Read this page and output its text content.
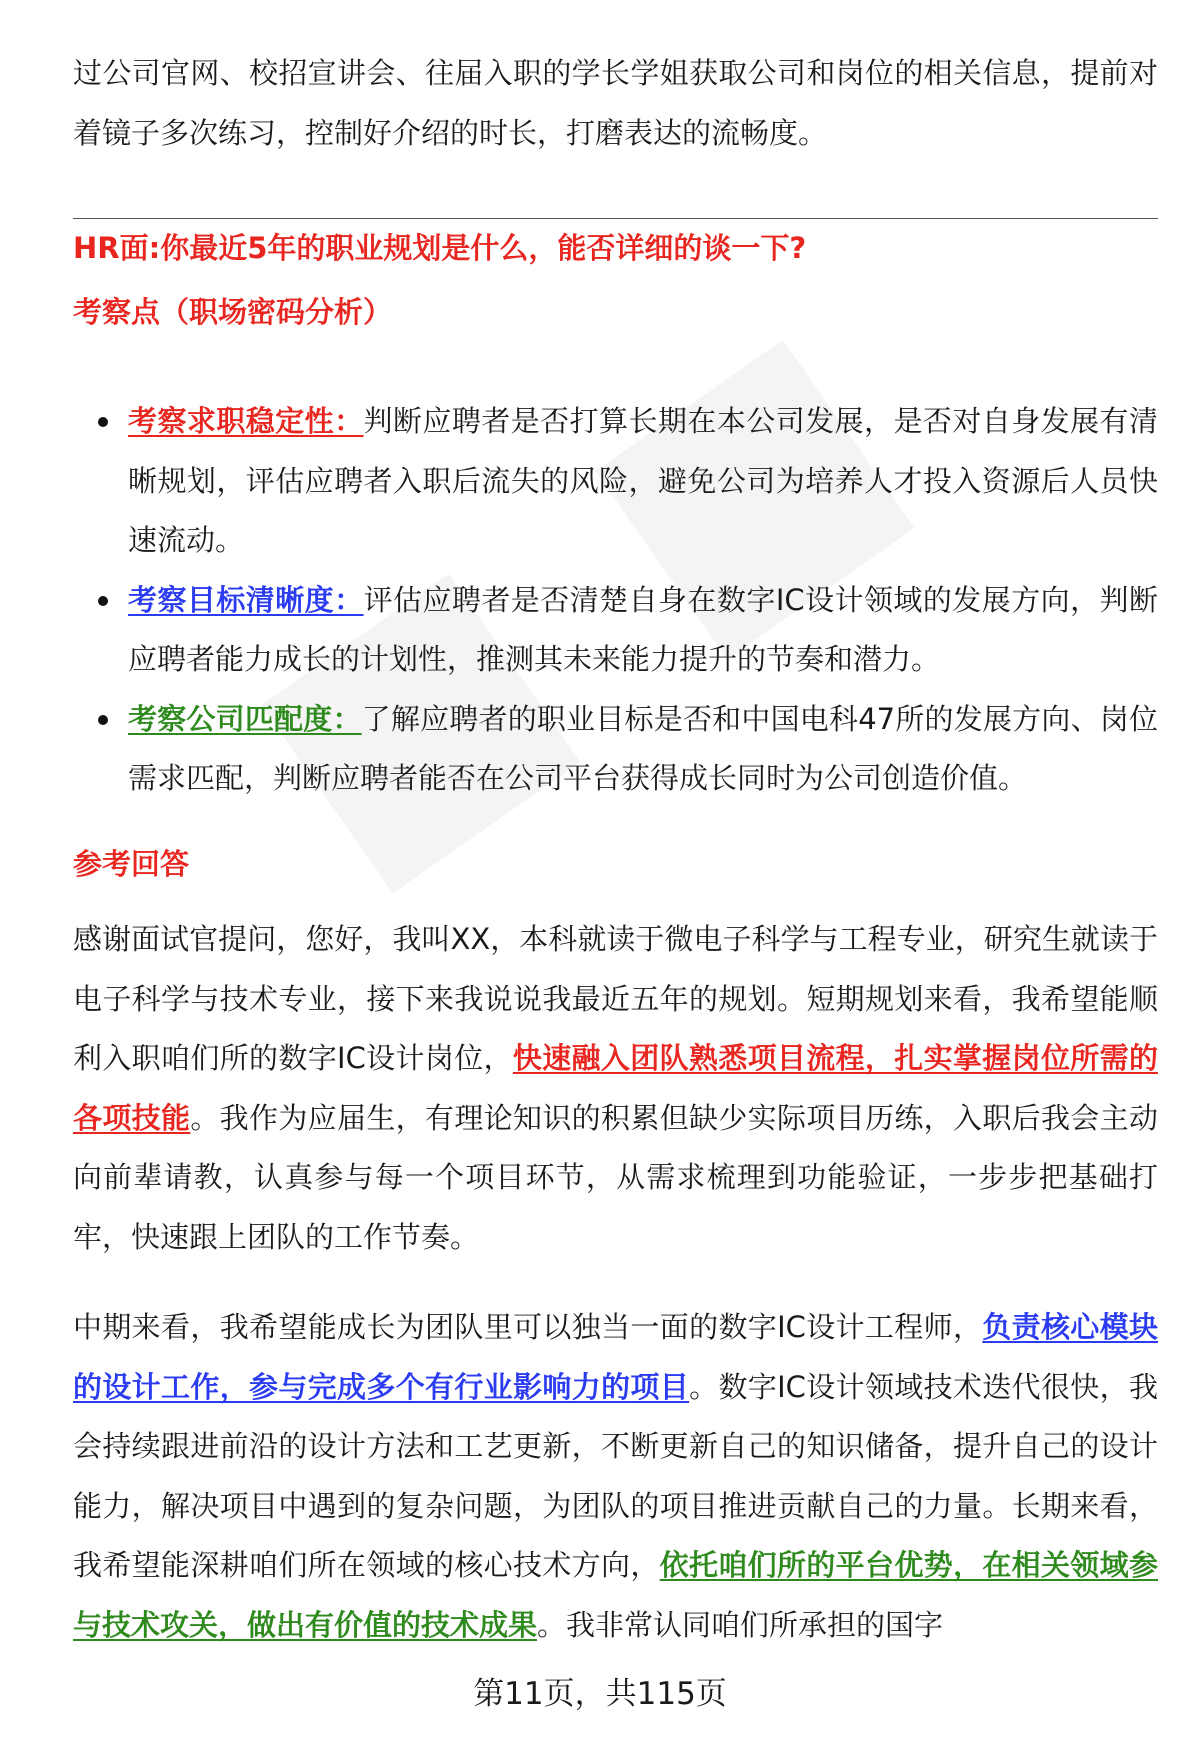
过公司官网、校招宣讲会、往届入职的学长学姐获取公司和岗位的相关信息，提前对着镜子多次练习，控制好介绍的时长，打磨表达的流畅度。

HR面:你最近5年的职业规划是什么，能否详细的谈一下?

考察点（职场密码分析）

考察求职稳定性：判断应聘者是否打算长期在本公司发展，是否对自身发展有清晰规划，评估应聘者入职后流失的风险，避免公司为培养人才投入资源后人员快速流动。
考察目标清晰度：评估应聘者是否清楚自身在数字IC设计领域的发展方向，判断应聘者能力成长的计划性，推测其未来能力提升的节奏和潜力。
考察公司匹配度：了解应聘者的职业目标是否和中国电科47所的发展方向、岗位需求匹配，判断应聘者能否在公司平台获得成长同时为公司创造价值。

参考回答

感谢面试官提问，您好，我叫XX，本科就读于微电子科学与工程专业，研究生就读于电子科学与技术专业，接下来我说说我最近五年的规划。短期规划来看，我希望能顺利入职咱们所的数字IC设计岗位，快速融入团队熟悉项目流程，扎实掌握岗位所需的各项技能。我作为应届生，有理论知识的积累但缺少实际项目历练，入职后我会主动向前辈请教，认真参与每一个项目环节，从需求梳理到功能验证，一步步把基础打牢，快速跟上团队的工作节奏。

中期来看，我希望能成长为团队里可以独当一面的数字IC设计工程师，负责核心模块的设计工作，参与完成多个有行业影响力的项目。数字IC设计领域技术迭代很快，我会持续跟进前沿的设计方法和工艺更新，不断更新自己的知识储备，提升自己的设计能力，解决项目中遇到的复杂问题，为团队的项目推进贡献自己的力量。长期来看，我希望能深耕咱们所在领域的核心技术方向，依托咱们所的平台优势，在相关领域参与技术攻关，做出有价值的技术成果。我非常认同咱们所承担的国字

第11页，共115页
